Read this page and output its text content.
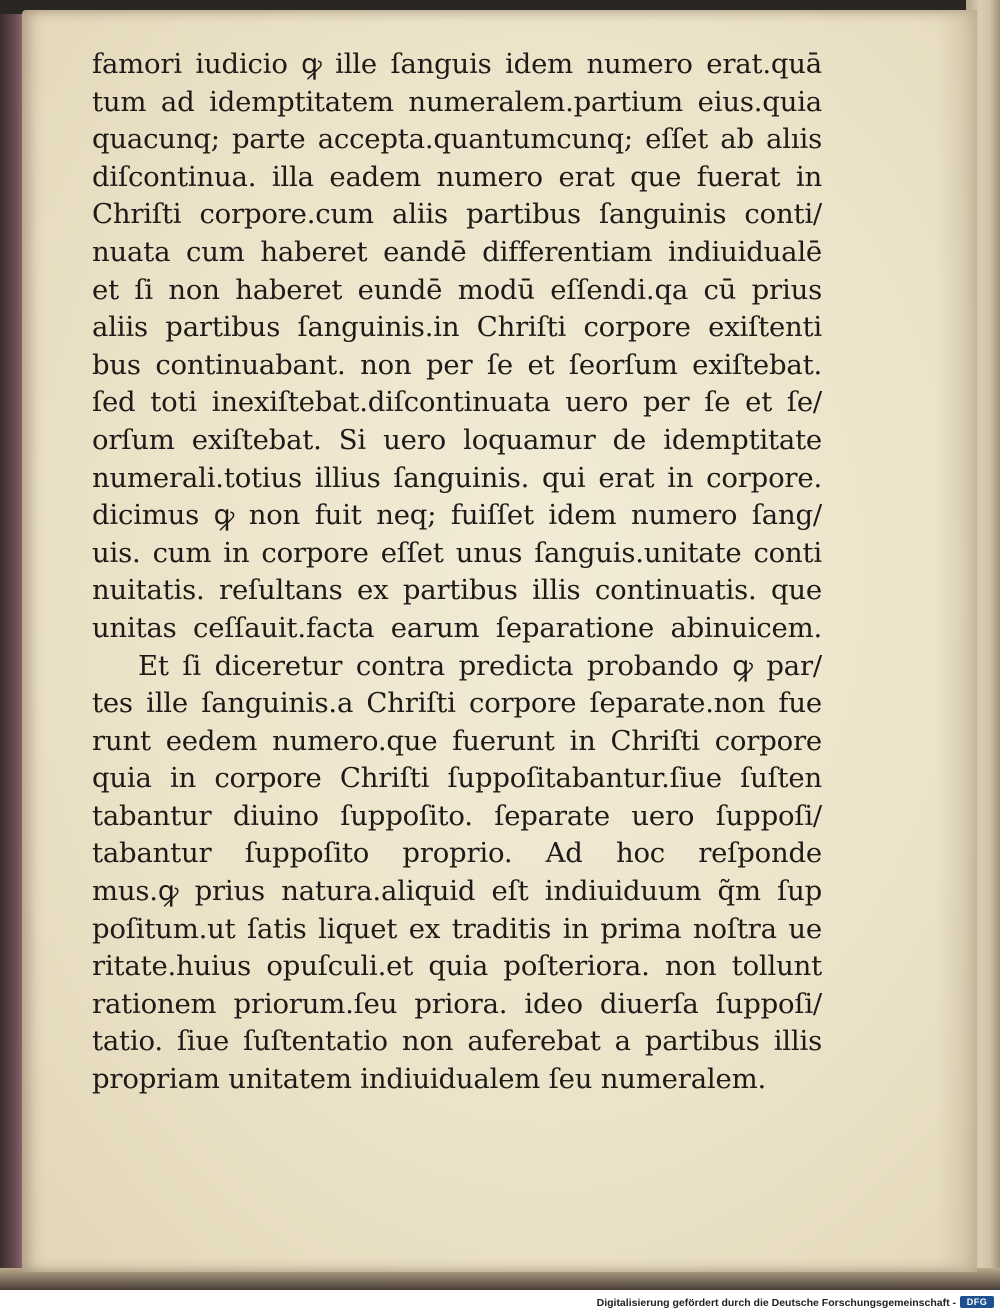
famori iudicio ꝙ ille ſanguis idem numero erat.quā
tum ad idemptitatem numeralem.partium eius.quia
quacunq; parte accepta.quantumcunq; eſſet ab alıis
diſcontinua. illa eadem numero erat que fuerat in
Chriſti corpore.cum aliis partibus ſanguinis conti/
nuata cum haberet eandē differentiam indiuidualē
et ſi non haberet eundē modū eſſendi.qa cū prius
aliis partibus ſanguinis.in Chriſti corpore exiſtenti
bus continuabant. non per ſe et ſeorſum exiſtebat.
ſed toti inexiſtebat.diſcontinuata uero per ſe et ſe/
orſum exiſtebat. Si uero loquamur de idemptitate
numerali.totius illius ſanguinis. qui erat in corpore.
dicimus ꝙ non fuit neq; fuiſſet idem numero ſang/
uis. cum in corpore eſſet unus ſanguis.unitate conti
nuitatis. reſultans ex partibus illis continuatis. que
unitas ceſſauit.facta earum ſeparatione abinuicem.
Et ſi diceretur contra predicta probando ꝙ par/
tes ille ſanguinis.a Chriſti corpore ſeparate.non fue
runt eedem numero.que fuerunt in Chriſti corpore
quia in corpore Chriſti ſuppoſitabantur.ſiue ſuſten
tabantur diuino ſuppoſito. ſeparate uero ſuppoſi/
tabantur ſuppoſito proprio. Ad hoc reſponde
mus.ꝙ prius natura.aliquid eſt indiuiduum q̃m ſup
poſitum.ut ſatis liquet ex traditis in prima noſtra ue
ritate.huius opuſculi.et quia poſteriora. non tollunt
rationem priorum.ſeu priora. ideo diuerſa ſuppoſi/
tatio. ſiue ſuſtentatio non auferebat a partibus illis
propriam unitatem indiuidualem ſeu numeralem.
Digitalisierung gefördert durch die Deutsche Forschungsgemeinschaft -	DFG
